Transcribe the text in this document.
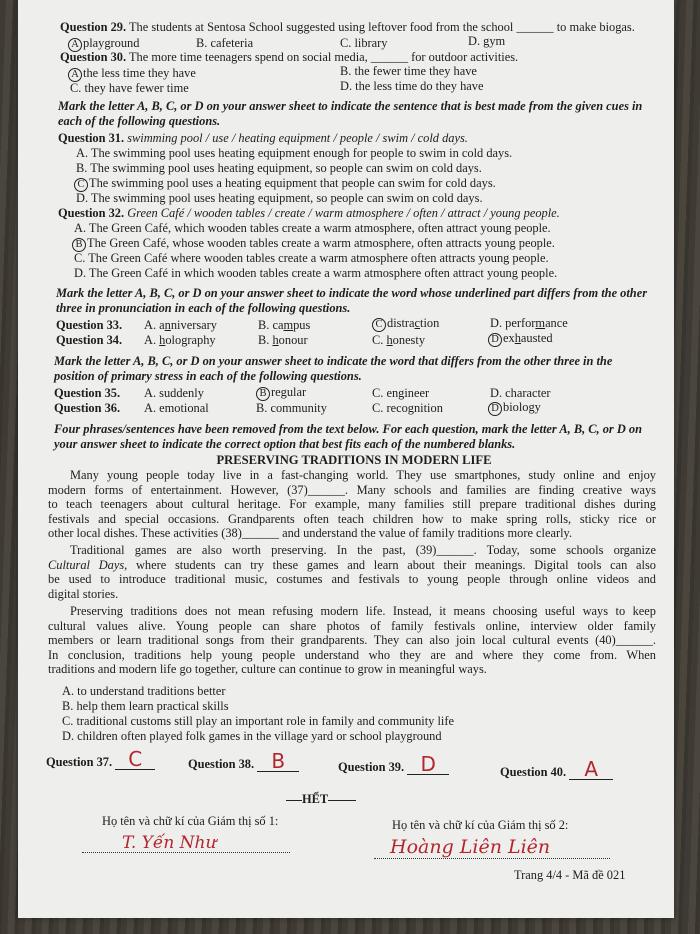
Question 29. The students at Sentosa School suggested using leftover food from the school ______ to make biogas.
A playground	B. cafeteria	C. library	D. gym
Question 30. The more time teenagers spend on social media, ______ for outdoor activities.
A the less time they have	B. the fewer time they have
C. they have fewer time	D. the less time do they have
Mark the letter A, B, C, or D on your answer sheet to indicate the sentence that is best made from the given cues in each of the following questions.
Question 31. swimming pool / use / heating equipment / people / swim / cold days.
A. The swimming pool uses heating equipment enough for people to swim in cold days.
B. The swimming pool uses heating equipment, so people can swim on cold days.
C The swimming pool uses a heating equipment that people can swim for cold days.
D. The swimming pool uses heating equipment, so people can swim on cold days.
Question 32. Green Café / wooden tables / create / warm atmosphere / often / attract / young people.
A. The Green Café, which wooden tables create a warm atmosphere, often attract young people.
B The Green Café, whose wooden tables create a warm atmosphere, often attracts young people.
C. The Green Café where wooden tables create a warm atmosphere often attracts young people.
D. The Green Café in which wooden tables create a warm atmosphere often attract young people.
Mark the letter A, B, C, or D on your answer sheet to indicate the word whose underlined part differs from the other three in pronunciation in each of the following questions.
Question 33. A. anniversary	B. campus	C distraction	D. performance
Question 34. A. holography	B. honour	C. honesty	D exhausted
Mark the letter A, B, C, or D on your answer sheet to indicate the word that differs from the other three in the position of primary stress in each of the following questions.
Question 35. A. suddenly	B regular	C. engineer	D. character
Question 36. A. emotional	B. community	C. recognition	D biology
Four phrases/sentences have been removed from the text below. For each question, mark the letter A, B, C, or D on your answer sheet to indicate the correct option that best fits each of the numbered blanks.
PRESERVING TRADITIONS IN MODERN LIFE
Many young people today live in a fast-changing world. They use smartphones, study online and enjoy
modern forms of entertainment. However, (37)______. Many schools and families are finding creative ways
to teach teenagers about cultural heritage. For example, many families still prepare traditional dishes during
festivals and special occasions. Grandparents often teach children how to make spring rolls, sticky rice or
other local dishes. These activities (38)______ and understand the value of family traditions more clearly.
Traditional games are also worth preserving. In the past, (39)______. Today, some schools organize
Cultural Days, where students can try these games and learn about their meanings. Digital tools can also
be used to introduce traditional music, costumes and festivals to young people through online videos and
digital stories.
Preserving traditions does not mean refusing modern life. Instead, it means choosing useful ways to keep
cultural values alive. Young people can share photos of family festivals online, interview older family
members or learn traditional songs from their grandparents. They can also join local cultural events (40)______.
In conclusion, traditions help young people understand who they are and where they come from. When
traditions and modern life go together, culture can continue to grow in meaningful ways.
A. to understand traditions better
B. help them learn practical skills
C. traditional customs still play an important role in family and community life
D. children often played folk games in the village yard or school playground
Question 37. C	Question 38. B	Question 39. D	Question 40. A
HẾT
Họ tên và chữ kí của Giám thị số 1:	Họ tên và chữ kí của Giám thị số 2:
T. Yến Như	Hoàng Liên Liên
Trang 4/4 - Mã đề 021
